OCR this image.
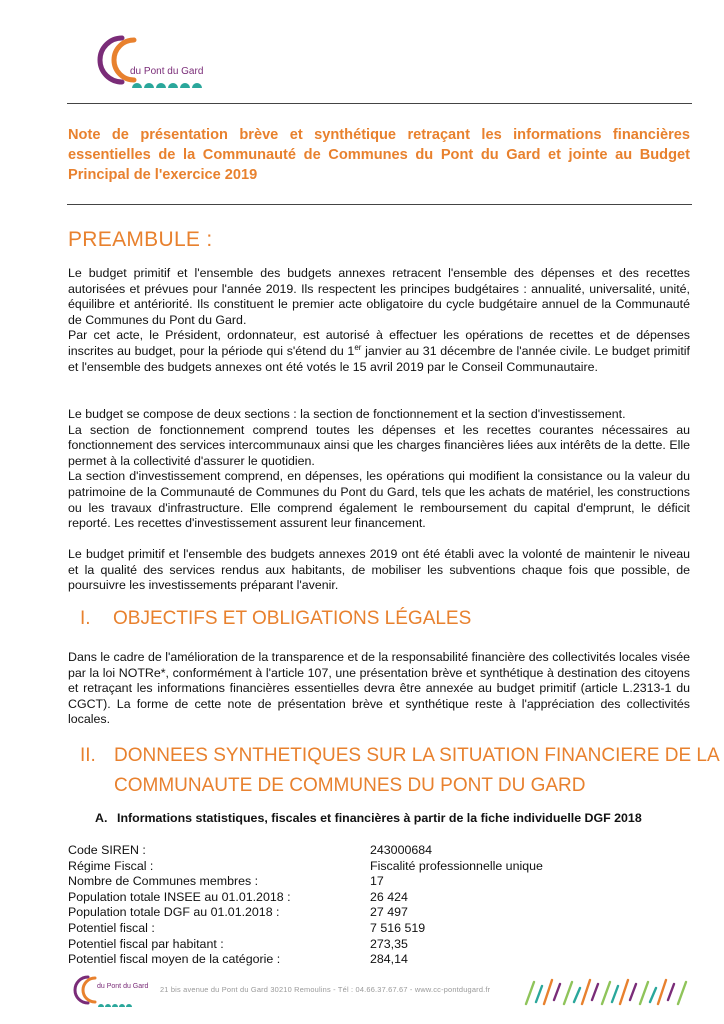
du Pont du Gard
Note de présentation brève et synthétique retraçant les informations financières essentielles de la Communauté de Communes du Pont du Gard et jointe au Budget Principal de l'exercice 2019
PREAMBULE :

Le budget primitif et l'ensemble des budgets annexes retracent l'ensemble des dépenses et des recettes autorisées et prévues pour l'année 2019. Ils respectent les principes budgétaires : annualité, universalité, unité, équilibre et antériorité. Ils constituent le premier acte obligatoire du cycle budgétaire annuel de la Communauté de Communes du Pont du Gard.

Par cet acte, le Président, ordonnateur, est autorisé à effectuer les opérations de recettes et de dépenses inscrites au budget, pour la période qui s'étend du 1er janvier au 31 décembre de l'année civile. Le budget primitif et l'ensemble des budgets annexes ont été votés le 15 avril 2019 par le Conseil Communautaire.

Le budget se compose de deux sections : la section de fonctionnement et la section d'investissement.

La section de fonctionnement comprend toutes les dépenses et les recettes courantes nécessaires au fonctionnement des services intercommunaux ainsi que les charges financières liées aux intérêts de la dette. Elle permet à la collectivité d'assurer le quotidien.

La section d'investissement comprend, en dépenses, les opérations qui modifient la consistance ou la valeur du patrimoine de la Communauté de Communes du Pont du Gard, tels que les achats de matériel, les constructions ou les travaux d'infrastructure. Elle comprend également le remboursement du capital d'emprunt, le déficit reporté. Les recettes d'investissement assurent leur financement.

Le budget primitif et l'ensemble des budgets annexes 2019 ont été établi avec la volonté de maintenir le niveau et la qualité des services rendus aux habitants, de mobiliser les subventions chaque fois que possible, de poursuivre les investissements préparant l'avenir.

I. OBJECTIFS ET OBLIGATIONS LÉGALES

Dans le cadre de l'amélioration de la transparence et de la responsabilité financière des collectivités locales visée par la loi NOTRe*, conformément à l'article 107, une présentation brève et synthétique à destination des citoyens et retraçant les informations financières essentielles devra être annexée au budget primitif (article L.2313-1 du CGCT). La forme de cette note de présentation brève et synthétique reste à l'appréciation des collectivités locales.

II. DONNEES SYNTHETIQUES SUR LA SITUATION FINANCIERE DE LA
COMMUNAUTE DE COMMUNES DU PONT DU GARD
A. Informations statistiques, fiscales et financières à partir de la fiche individuelle DGF 2018
Code SIREN :	243000684
Régime Fiscal :	Fiscalité professionnelle unique
Nombre de Communes membres :	17
Population totale INSEE au 01.01.2018 :	26 424
Population totale DGF au 01.01.2018 :	27 497
Potentiel fiscal :	7 516 519
Potentiel fiscal par habitant :	273,35
Potentiel fiscal moyen de la catégorie :	284,14
du Pont du Gard 21 bis avenue du Pont du Gard 30210 Remoulins - Tél : 04.66.37.67.67 - www.cc-pontdugard.fr
